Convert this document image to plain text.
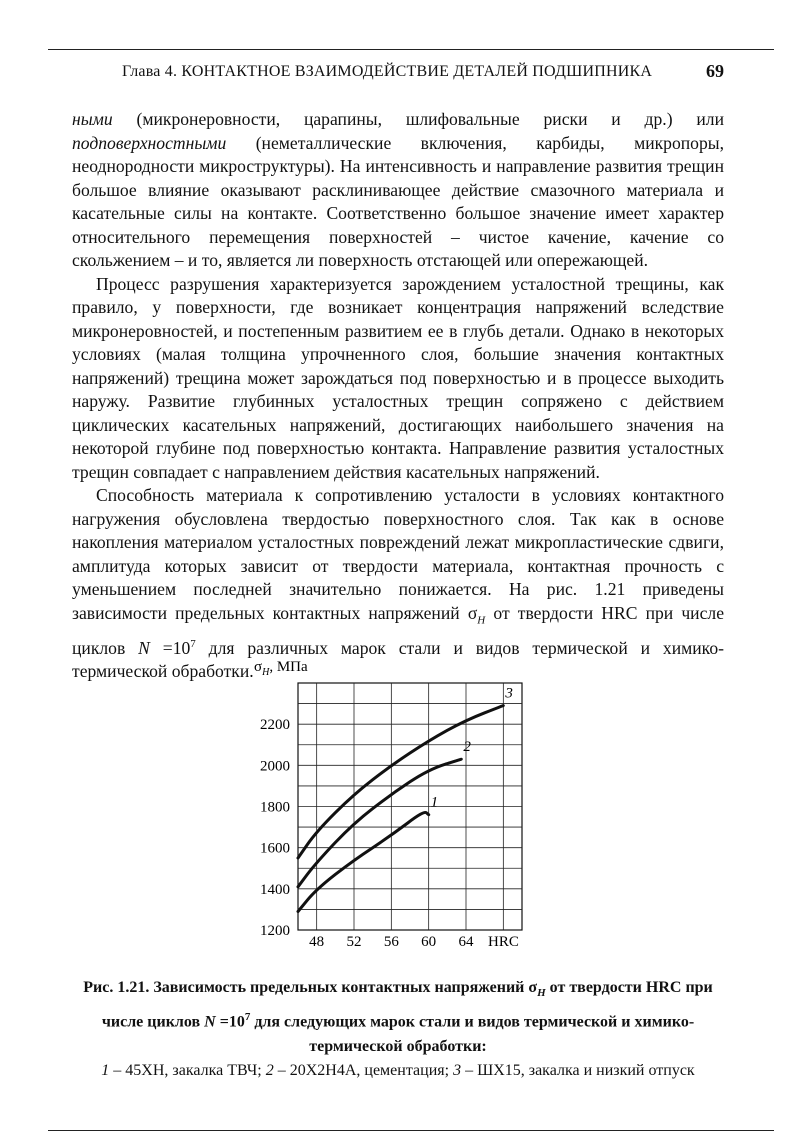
Глава 4. КОНТАКТНОЕ ВЗАИМОДЕЙСТВИЕ ДЕТАЛЕЙ ПОДШИПНИКА	69

ными (микронеровности, царапины, шлифовальные риски и др.) или подповерхностными (неметаллические включения, карбиды, микропоры, неоднородности микроструктуры). На интенсивность и направление развития трещин большое влияние оказывают расклинивающее действие смазочного материала и касательные силы на контакте. Соответственно большое значение имеет характер относительного перемещения поверхностей – чистое качение, качение со скольжением – и то, является ли поверхность отстающей или опережающей.

Процесс разрушения характеризуется зарождением усталостной трещины, как правило, у поверхности, где возникает концентрация напряжений вследствие микронеровностей, и постепенным развитием ее в глубь детали. Однако в некоторых условиях (малая толщина упрочненного слоя, большие значения контактных напряжений) трещина может зарождаться под поверхностью и в процессе выходить наружу. Развитие глубинных усталостных трещин сопряжено с действием циклических касательных напряжений, достигающих наибольшего значения на некоторой глубине под поверхностью контакта. Направление развития усталостных трещин совпадает с направлением действия касательных напряжений.

Способность материала к сопротивлению усталости в условиях контактного нагружения обусловлена твердостью поверхностного слоя. Так как в основе накопления материалом усталостных повреждений лежат микропластические сдвиги, амплитуда которых зависит от твердости материала, контактная прочность с уменьшением последней значительно понижается. На рис. 1.21 приведены зависимости предельных контактных напряжений $\sigma_H$ от твердости HRC при числе циклов $N =10^7$ для различных марок стали и видов термической и химико-термической обработки.

1200
1400
1600
1800
2000
2200
48 52 56 60 64 HRC
$\sigma_H$, МПа
1
2
3
Рис. 1.21. Зависимость предельных контактных напряжений $\sigma_H$ от твердости HRC при числе циклов $N =10^7$ для следующих марок стали и видов термической и химико-термической обработки:
1 – 45ХН, закалка ТВЧ; 2 – 20Х2Н4А, цементация; 3 – ШХ15, закалка и низкий отпуск
